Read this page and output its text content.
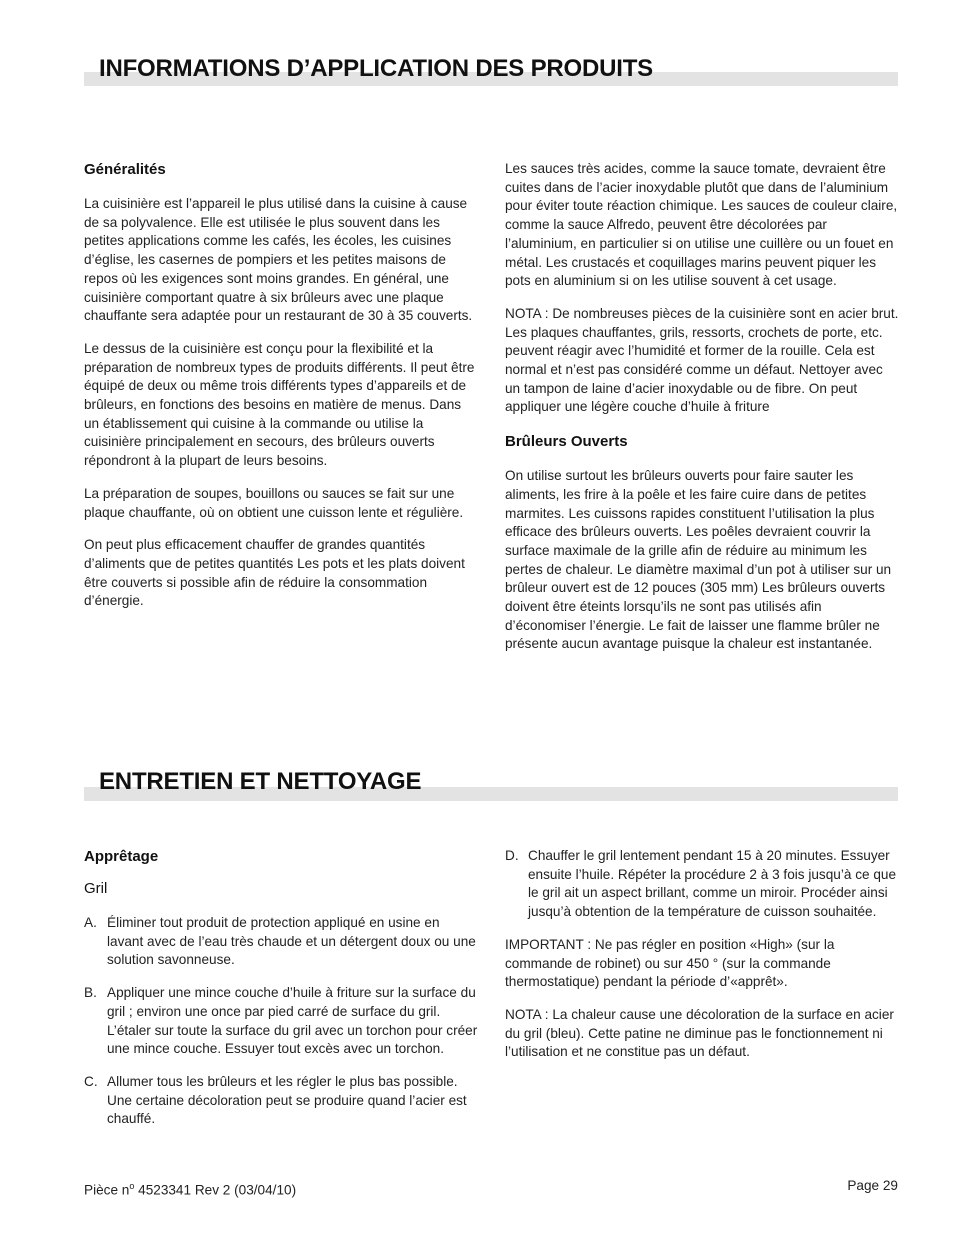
INFORMATIONS D’APPLICATION DES PRODUITS
Généralités

La cuisinière est l’appareil le plus utilisé dans la cuisine à cause de sa polyvalence. Elle est utilisée le plus souvent dans les petites applications comme les cafés, les écoles, les cuisines d’église, les casernes de pompiers et les petites maisons de repos où les exigences sont moins grandes. En général, une cuisinière comportant quatre à six brûleurs avec une plaque chauffante sera adaptée pour un restaurant de 30 à 35 couverts.

Le dessus de la cuisinière est conçu pour la flexibilité et la préparation de nombreux types de produits différents. Il peut être équipé de deux ou même trois différents types d’appareils et de brûleurs, en fonctions des besoins en matière de menus. Dans un établissement qui cuisine à la commande ou utilise la cuisinière principalement en secours, des brûleurs ouverts répondront à la plupart de leurs besoins.

La préparation de soupes, bouillons ou sauces se fait sur une plaque chauffante, où on obtient une cuisson lente et régulière.

On peut plus efficacement chauffer de grandes quantités d’aliments que de petites quantités Les pots et les plats doivent être couverts si possible afin de réduire la consommation d’énergie.

Les sauces très acides, comme la sauce tomate, devraient être cuites dans de l’acier inoxydable plutôt que dans de l’aluminium pour éviter toute réaction chimique. Les sauces de couleur claire, comme la sauce Alfredo, peuvent être décolorées par l’aluminium, en particulier si on utilise une cuillère ou un fouet en métal. Les crustacés et coquillages marins peuvent piquer les pots en aluminium si on les utilise souvent à cet usage.

NOTA : De nombreuses pièces de la cuisinière sont en acier brut. Les plaques chauffantes, grils, ressorts, crochets de porte, etc. peuvent réagir avec l’humidité et former de la rouille. Cela est normal et n’est pas considéré comme un défaut. Nettoyer avec un tampon de laine d’acier inoxydable ou de fibre. On peut appliquer une légère couche d’huile à friture

Brûleurs Ouverts

On utilise surtout les brûleurs ouverts pour faire sauter les aliments, les frire à la poêle et les faire cuire dans de petites marmites. Les cuissons rapides constituent l’utilisation la plus efficace des brûleurs ouverts. Les poêles devraient couvrir la surface maximale de la grille afin de réduire au minimum les pertes de chaleur. Le diamètre maximal d’un pot à utiliser sur un brûleur ouvert est de 12 pouces (305 mm) Les brûleurs ouverts doivent être éteints lorsqu’ils ne sont pas utilisés afin d’économiser l’énergie. Le fait de laisser une flamme brûler ne présente aucun avantage puisque la chaleur est instantanée.

ENTRETIEN ET NETTOYAGE
Apprêtage
Gril
A. Éliminer tout produit de protection appliqué en usine en lavant avec de l’eau très chaude et un détergent doux ou une solution savonneuse.
B. Appliquer une mince couche d’huile à friture sur la surface du gril ; environ une once par pied carré de surface du gril. L’étaler sur toute la surface du gril avec un torchon pour créer une mince couche. Essuyer tout excès avec un torchon.
C. Allumer tous les brûleurs et les régler le plus bas possible. Une certaine décoloration peut se produire quand l’acier est chauffé.
D. Chauffer le gril lentement pendant 15 à 20 minutes. Essuyer ensuite l’huile. Répéter la procédure 2 à 3 fois jusqu’à ce que le gril ait un aspect brillant, comme un miroir. Procéder ainsi jusqu’à obtention de la température de cuisson souhaitée.

IMPORTANT : Ne pas régler en position «High» (sur la commande de robinet) ou sur 450 ° (sur la commande thermostatique) pendant la période d’«apprêt».

NOTA : La chaleur cause une décoloration de la surface en acier du gril (bleu). Cette patine ne diminue pas le fonctionnement ni l’utilisation et ne constitue pas un défaut.

Pièce $n^o$ 4523341 Rev 2 (03/04/10)	Page 29
